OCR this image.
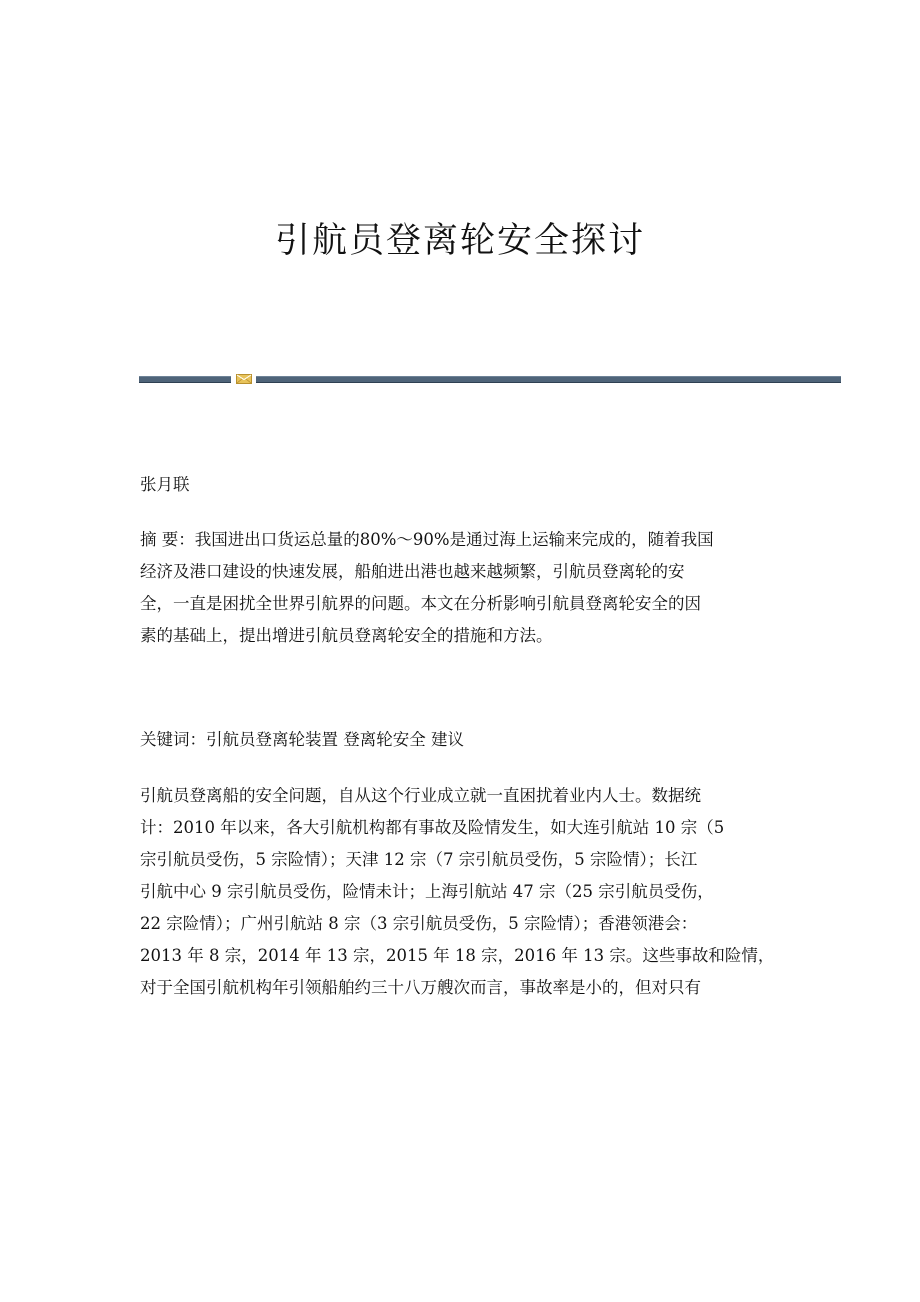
引航员登离轮安全探讨

张月联

摘 要：我国进出口货运总量的80%～90%是通过海上运输来完成的，随着我国
经济及港口建设的快速发展，船舶进出港也越来越频繁，引航员登离轮的安
全，一直是困扰全世界引航界的问题。本文在分析影响引航員登离轮安全的因
素的基础上，提出增进引航员登离轮安全的措施和方法。
关键词：引航员登离轮装置 登离轮安全 建议
引航员登离船的安全问题，自从这个行业成立就一直困扰着业内人士。数据统
计：2010 年以来，各大引航机构都有事故及险情发生，如大连引航站 10 宗（5
宗引航员受伤，5 宗险情）；天津 12 宗（7 宗引航员受伤，5 宗险情）；长江
引航中心 9 宗引航员受伤，险情未计；上海引航站 47 宗（25 宗引航员受伤，
22 宗险情）；广州引航站 8 宗（3 宗引航员受伤，5 宗险情）；香港领港会：
2013 年 8 宗，2014 年 13 宗，2015 年 18 宗，2016 年 13 宗。这些事故和险情，
对于全国引航机构年引领船舶约三十八万艘次而言，事故率是小的，但对只有
